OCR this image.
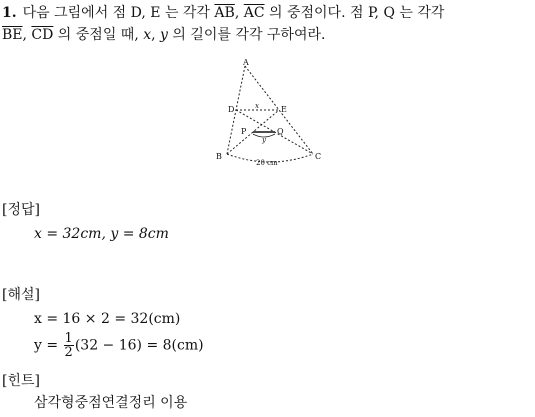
1. 다음 그림에서 점 D, E 는 각각 $\overline{AB}$, $\overline{AC}$ 의 중점이다. 점 P, Q 는 각각
$\overline{BE}$, $\overline{CD}$ 의 중점일 때, x, y 의 길이를 각각 구하여라.
A
D	E
P	Q
B	C
x
y
20 cm
[정답]
x = 32cm, y = 8cm
[해설]
x = 16 × 2 = 32(cm)
$y = \frac{1}{2} (32 - 16) = 8(cm)$
[힌트]
삼각형중점연결정리 이용
